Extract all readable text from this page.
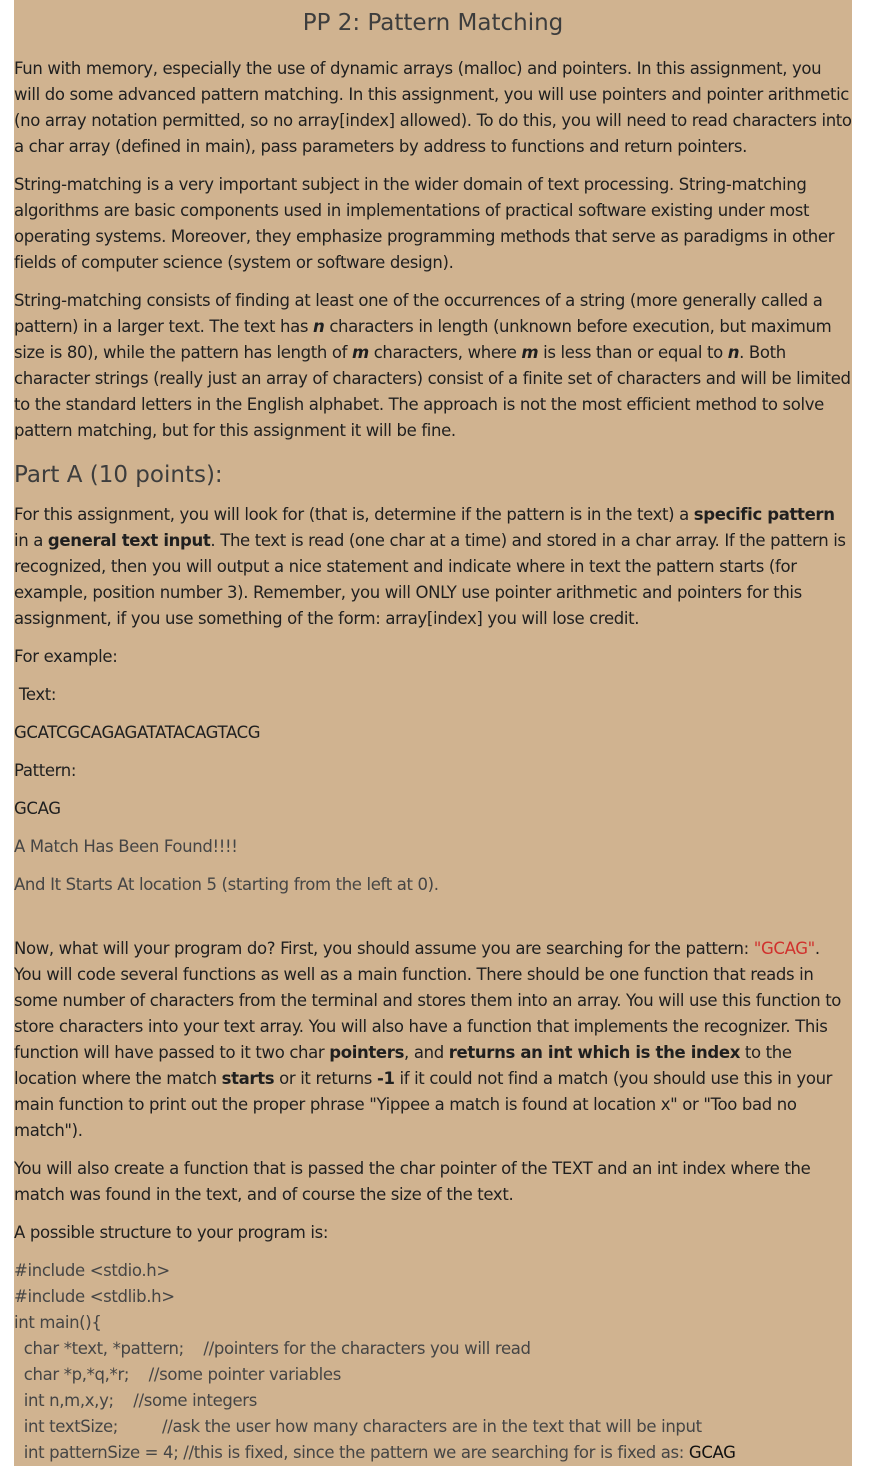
PP 2: Pattern Matching

Fun with memory, especially the use of dynamic arrays (malloc) and pointers. In this assignment, you will do some advanced pattern matching. In this assignment, you will use pointers and pointer arithmetic (no array notation permitted, so no array[index] allowed). To do this, you will need to read characters into a char array (defined in main), pass parameters by address to functions and return pointers.

String-matching is a very important subject in the wider domain of text processing. String-matching algorithms are basic components used in implementations of practical software existing under most operating systems. Moreover, they emphasize programming methods that serve as paradigms in other fields of computer science (system or software design).

String-matching consists of finding at least one of the occurrences of a string (more generally called a pattern) in a larger text. The text has n characters in length (unknown before execution, but maximum size is 80), while the pattern has length of m characters, where m is less than or equal to n. Both character strings (really just an array of characters) consist of a finite set of characters and will be limited to the standard letters in the English alphabet. The approach is not the most efficient method to solve pattern matching, but for this assignment it will be fine.

Part A (10 points):

For this assignment, you will look for (that is, determine if the pattern is in the text) a specific pattern in a general text input. The text is read (one char at a time) and stored in a char array. If the pattern is recognized, then you will output a nice statement and indicate where in text the pattern starts (for example, position number 3). Remember, you will ONLY use pointer arithmetic and pointers for this assignment, if you use something of the form: array[index] you will lose credit.

For example:

Text:

GCATCGCAGAGATATACAGTACG

Pattern:

GCAG

A Match Has Been Found!!!!

And It Starts At location 5 (starting from the left at 0).

Now, what will your program do? First, you should assume you are searching for the pattern: "GCAG". You will code several functions as well as a main function. There should be one function that reads in some number of characters from the terminal and stores them into an array. You will use this function to store characters into your text array. You will also have a function that implements the recognizer. This function will have passed to it two char pointers, and returns an int which is the index to the location where the match starts or it returns -1 if it could not find a match (you should use this in your main function to print out the proper phrase "Yippee a match is found at location x" or "Too bad no match").

You will also create a function that is passed the char pointer of the TEXT and an int index where the match was found in the text, and of course the size of the text.

A possible structure to your program is:

#include <stdio.h>
#include <stdlib.h>
int main(){
char *text, *pattern;    //pointers for the characters you will read
char *p,*q,*r;    //some pointer variables
int n,m,x,y;    //some integers
int textSize;         //ask the user how many characters are in the text that will be input
int patternSize = 4; //this is fixed, since the pattern we are searching for is fixed as: GCAG
